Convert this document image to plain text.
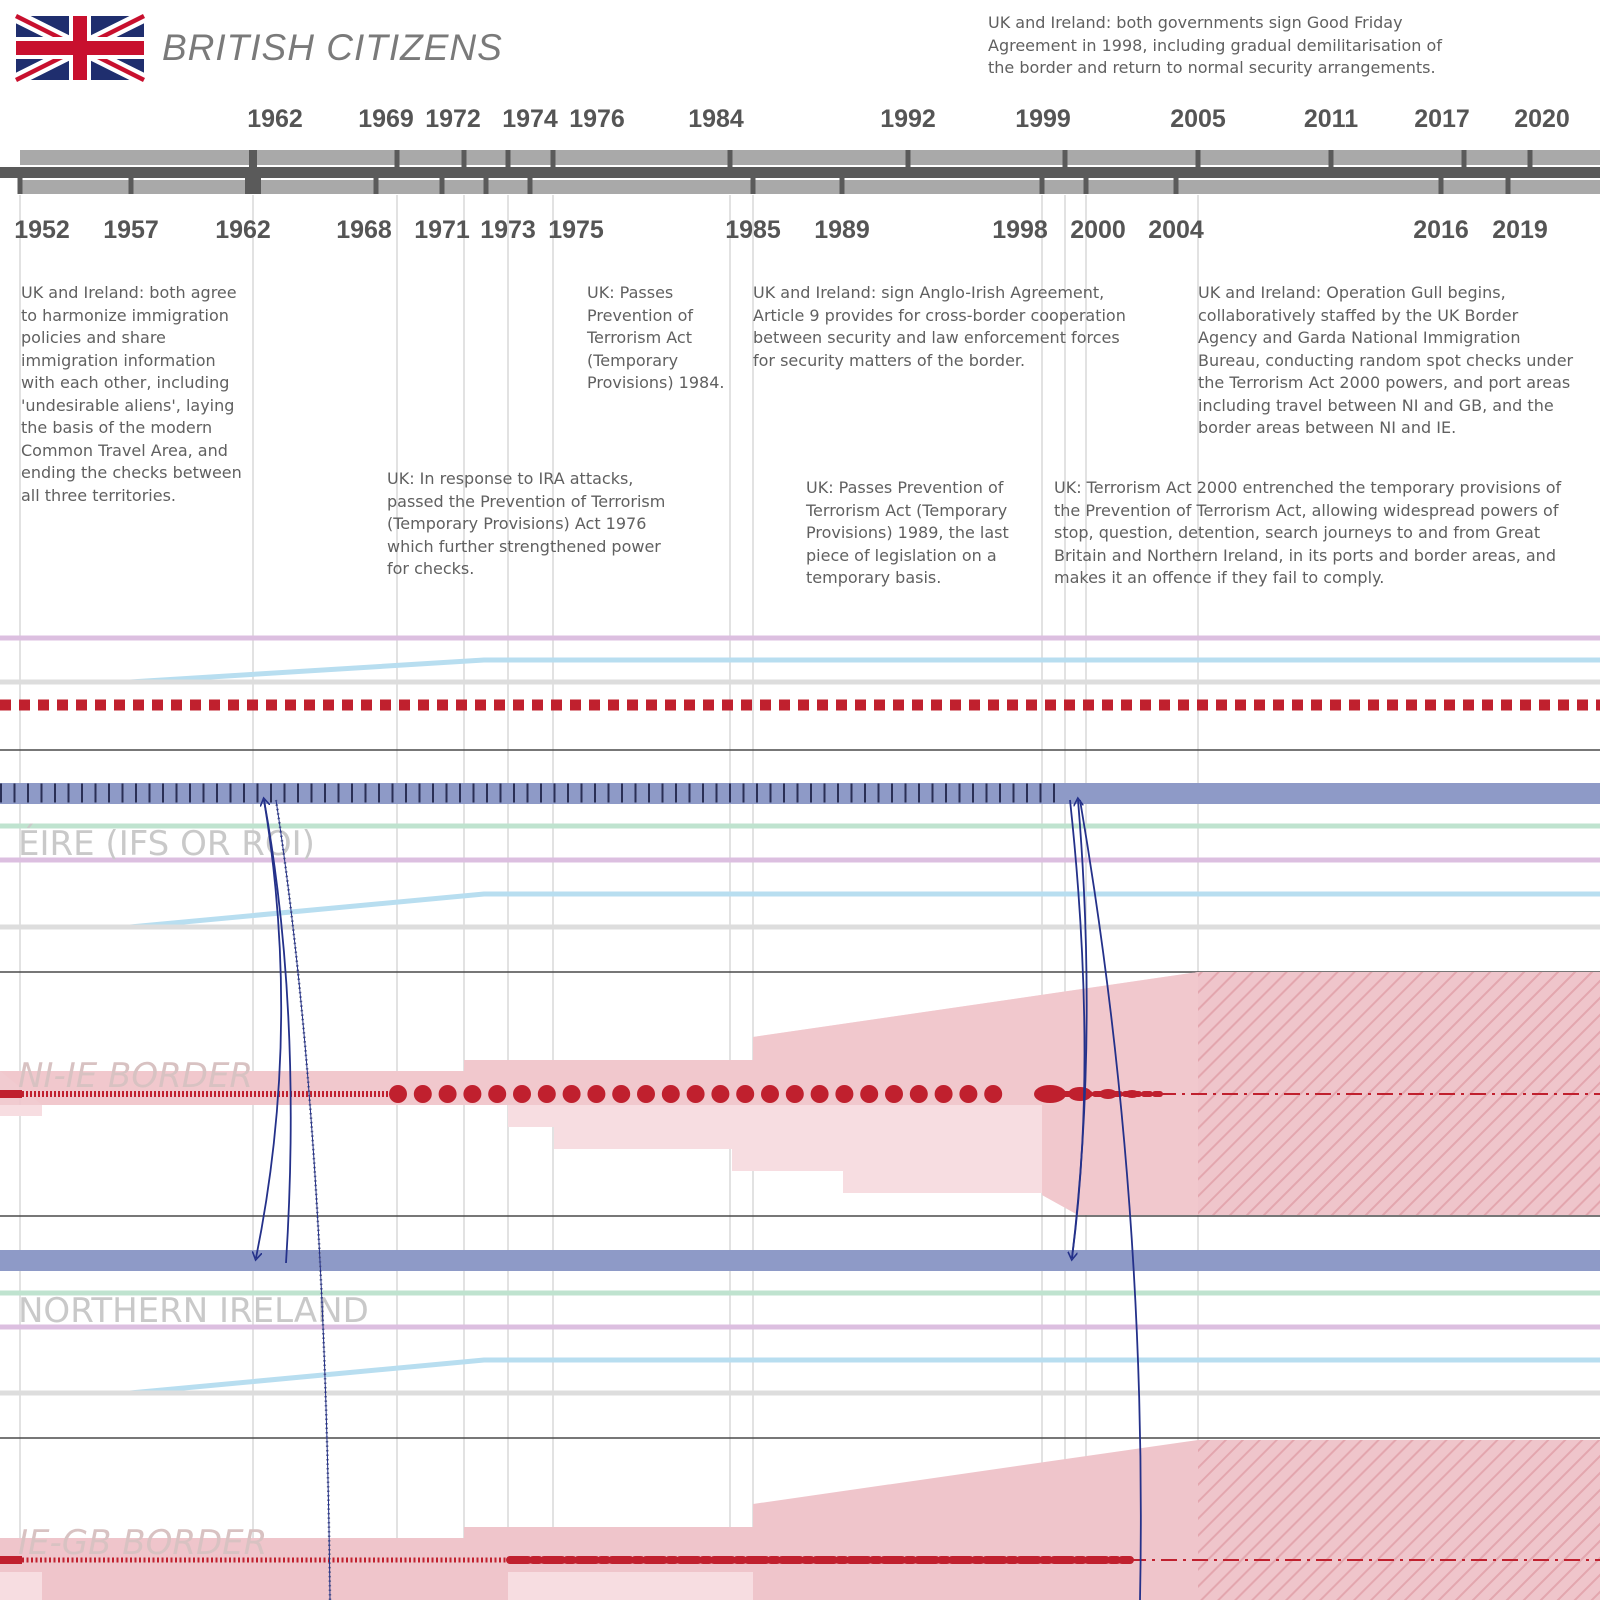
BRITISH CITIZENS
1962 1969 1972 1974 1976	1984	1992	1999	2005	2011 2017 2020
1952 1957 1962	1968 1971 1973 1975	1985 1989	1998 2000 2004	2016 2019
ÉIRE (IFS OR ROI)
NI-IE BORDER
NORTHERN IRELAND
IE-GB BORDER

UK and Ireland: both governments sign Good Friday Agreement in 1998, including gradual demilitarisation of the border and return to normal security arrangements.

UK and Ireland: both agree to harmonize immigration policies and share immigration information with each other, including 'undesirable aliens', laying the basis of the modern Common Travel Area, and ending the checks between all three territories.

UK: Passes Prevention of Terrorism Act (Temporary Provisions) 1984.

UK and Ireland: sign Anglo-Irish Agreement, Article 9 provides for cross-border cooperation between security and law enforcement forces for security matters of the border.

UK and Ireland: Operation Gull begins, collaboratively staffed by the UK Border Agency and Garda National Immigration Bureau, conducting random spot checks under the Terrorism Act 2000 powers, and port areas including travel between NI and GB, and the border areas between NI and IE.

UK: In response to IRA attacks, passed the Prevention of Terrorism (Temporary Provisions) Act 1976 which further strengthened power for checks.

UK: Passes Prevention of Terrorism Act (Temporary Provisions) 1989, the last piece of legislation on a temporary basis.

UK: Terrorism Act 2000 entrenched the temporary provisions of the Prevention of Terrorism Act, allowing widespread powers of stop, question, detention, search journeys to and from Great Britain and Northern Ireland, in its ports and border areas, and makes it an offence if they fail to comply.
